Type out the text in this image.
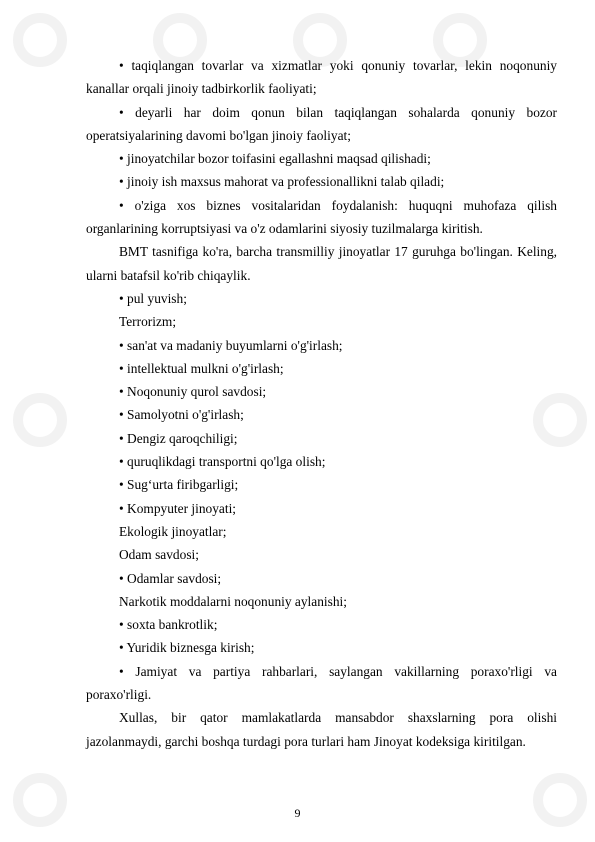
• taqiqlangan tovarlar va xizmatlar yoki qonuniy tovarlar, lekin noqonuniy kanallar orqali jinoiy tadbirkorlik faoliyati;

• deyarli har doim qonun bilan taqiqlangan sohalarda qonuniy bozor operatsiyalarining davomi bo'lgan jinoiy faoliyat;

• jinoyatchilar bozor toifasini egallashni maqsad qilishadi;

• jinoiy ish maxsus mahorat va professionallikni talab qiladi;

• o'ziga xos biznes vositalaridan foydalanish: huquqni muhofaza qilish organlarining korruptsiyasi va o'z odamlarini siyosiy tuzilmalarga kiritish.

BMT tasnifiga ko'ra, barcha transmilliy jinoyatlar 17 guruhga bo'lingan. Keling, ularni batafsil ko'rib chiqaylik.

• pul yuvish;

Terrorizm;

• san'at va madaniy buyumlarni o'g'irlash;

• intellektual mulkni o'g'irlash;

• Noqonuniy qurol savdosi;

• Samolyotni o'g'irlash;

• Dengiz qaroqchiligi;

• quruqlikdagi transportni qo'lga olish;

• Sug‘urta firibgarligi;

• Kompyuter jinoyati;

Ekologik jinoyatlar;

Odam savdosi;

• Odamlar savdosi;

Narkotik moddalarni noqonuniy aylanishi;

• soxta bankrotlik;

• Yuridik biznesga kirish;

• Jamiyat va partiya rahbarlari, saylangan vakillarning poraxo'rligi va poraxo'rligi.

Xullas, bir qator mamlakatlarda mansabdor shaxslarning pora olishi jazolanmaydi, garchi boshqa turdagi pora turlari ham Jinoyat kodeksiga kiritilgan.

9
